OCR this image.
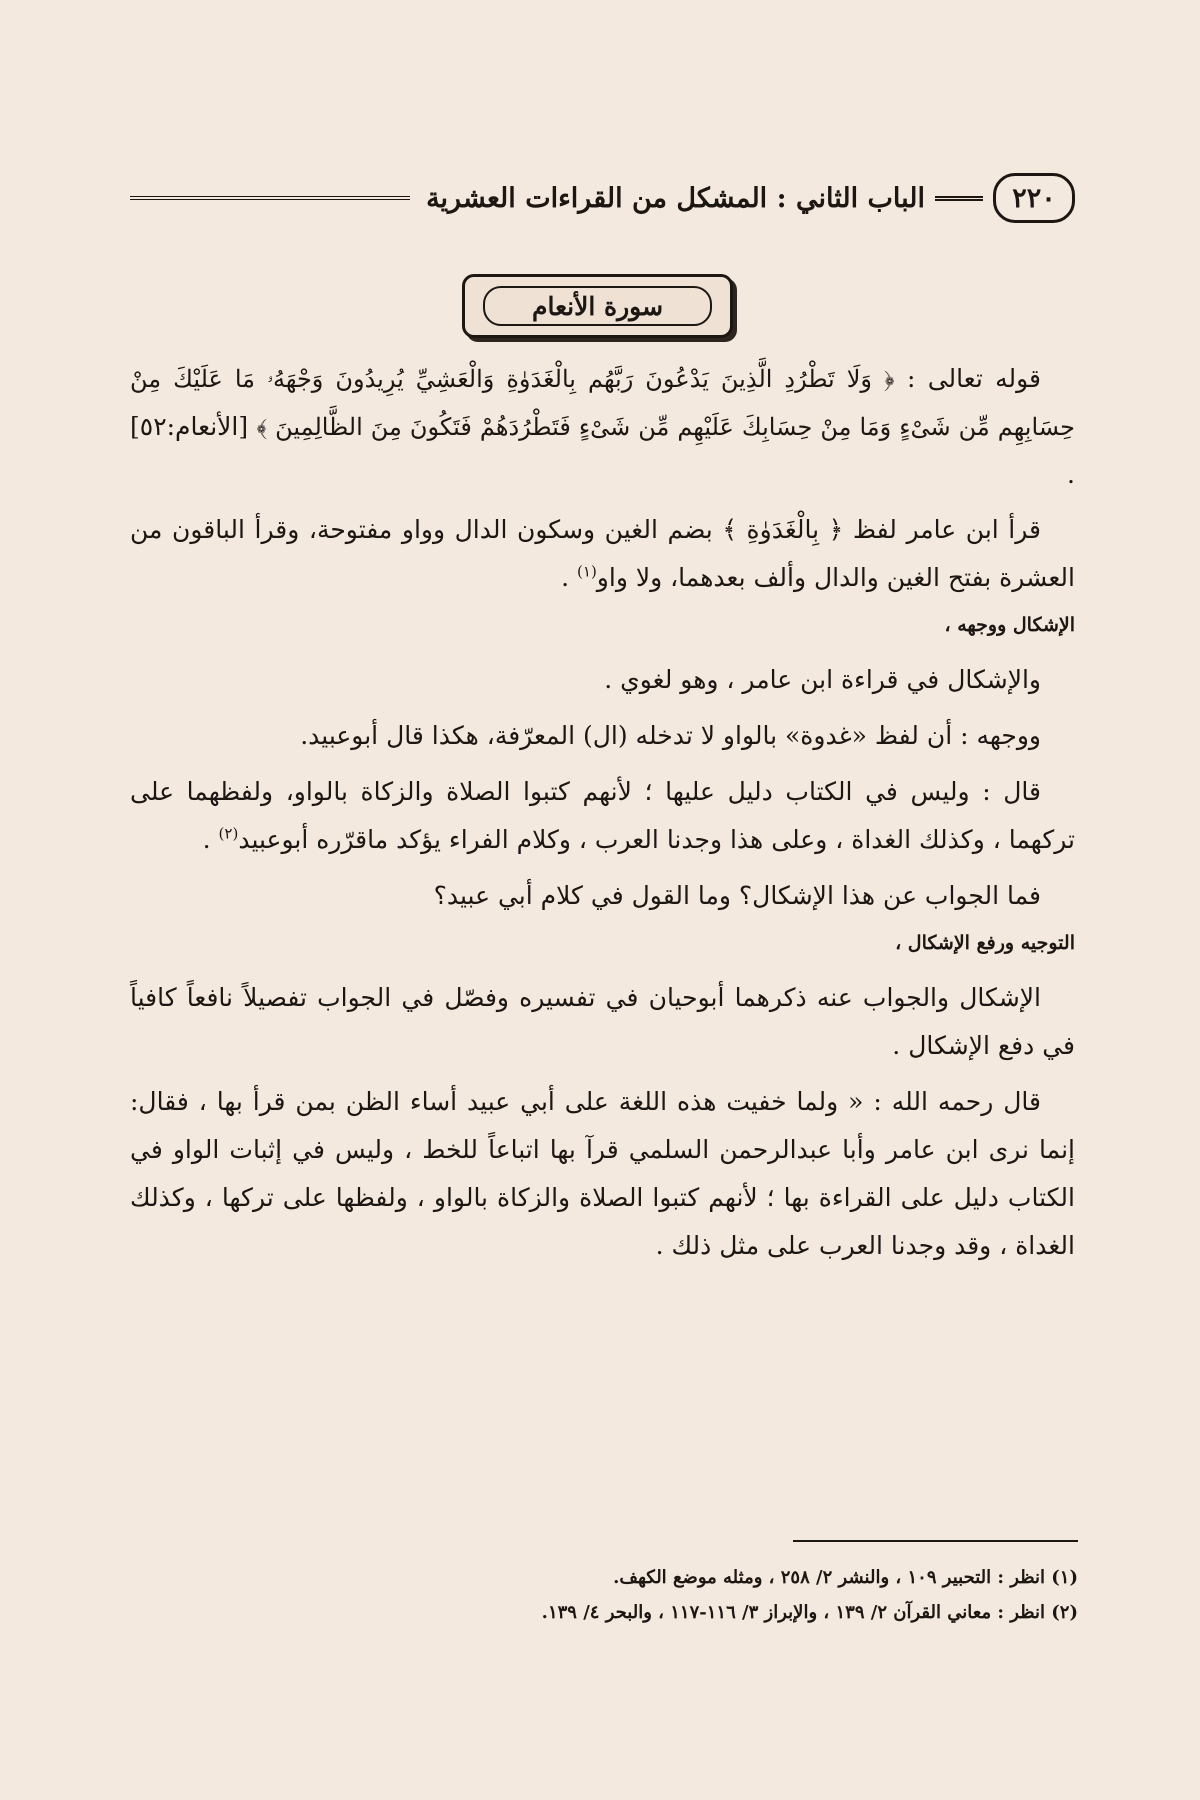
٢٢٠
الباب الثاني : المشكل من القراءات العشرية
سورة الأنعام

قوله تعالى : ﴿ وَلَا تَطْرُدِ الَّذِينَ يَدْعُونَ رَبَّهُم بِالْغَدَوٰةِ وَالْعَشِيِّ يُرِيدُونَ وَجْهَهُۥ مَا عَلَيْكَ مِنْ حِسَابِهِم مِّن شَىْءٍ وَمَا مِنْ حِسَابِكَ عَلَيْهِم مِّن شَىْءٍ فَتَطْرُدَهُمْ فَتَكُونَ مِنَ الظَّالِمِينَ ﴾ [الأنعام:٥٢] .

قرأ ابن عامر لفظ ﴿ بِالْغَدَوٰةِ ﴾ بضم الغين وسكون الدال وواو مفتوحة، وقرأ الباقون من العشرة بفتح الغين والدال وألف بعدهما، ولا واو$^{(١)}$ .

الإشكال ووجهه ،

والإشكال في قراءة ابن عامر ، وهو لغوي .

ووجهه : أن لفظ «غدوة» بالواو لا تدخله (ال) المعرّفة، هكذا قال أبوعبيد.

قال : وليس في الكتاب دليل عليها ؛ لأنهم كتبوا الصلاة والزكاة بالواو، ولفظهما على تركهما ، وكذلك الغداة ، وعلى هذا وجدنا العرب ، وكلام الفراء يؤكد ماقرّره أبوعبيد$^{(٢)}$ .

فما الجواب عن هذا الإشكال؟ وما القول في كلام أبي عبيد؟

التوجيه ورفع الإشكال ،

الإشكال والجواب عنه ذكرهما أبوحيان في تفسيره وفصّل في الجواب تفصيلاً نافعاً كافياً في دفع الإشكال .

قال رحمه الله : « ولما خفيت هذه اللغة على أبي عبيد أساء الظن بمن قرأ بها ، فقال: إنما نرى ابن عامر وأبا عبدالرحمن السلمي قرآ بها اتباعاً للخط ، وليس في إثبات الواو في الكتاب دليل على القراءة بها ؛ لأنهم كتبوا الصلاة والزكاة بالواو ، ولفظها على تركها ، وكذلك الغداة ، وقد وجدنا العرب على مثل ذلك .

(١) انظر : التحبير ١٠٩ ، والنشر ٢/ ٢٥٨ ، ومثله موضع الكهف.

(٢) انظر : معاني القرآن ٢/ ١٣٩ ، والإبراز ٣/ ١١٦-١١٧ ، والبحر ٤/ ١٣٩.
